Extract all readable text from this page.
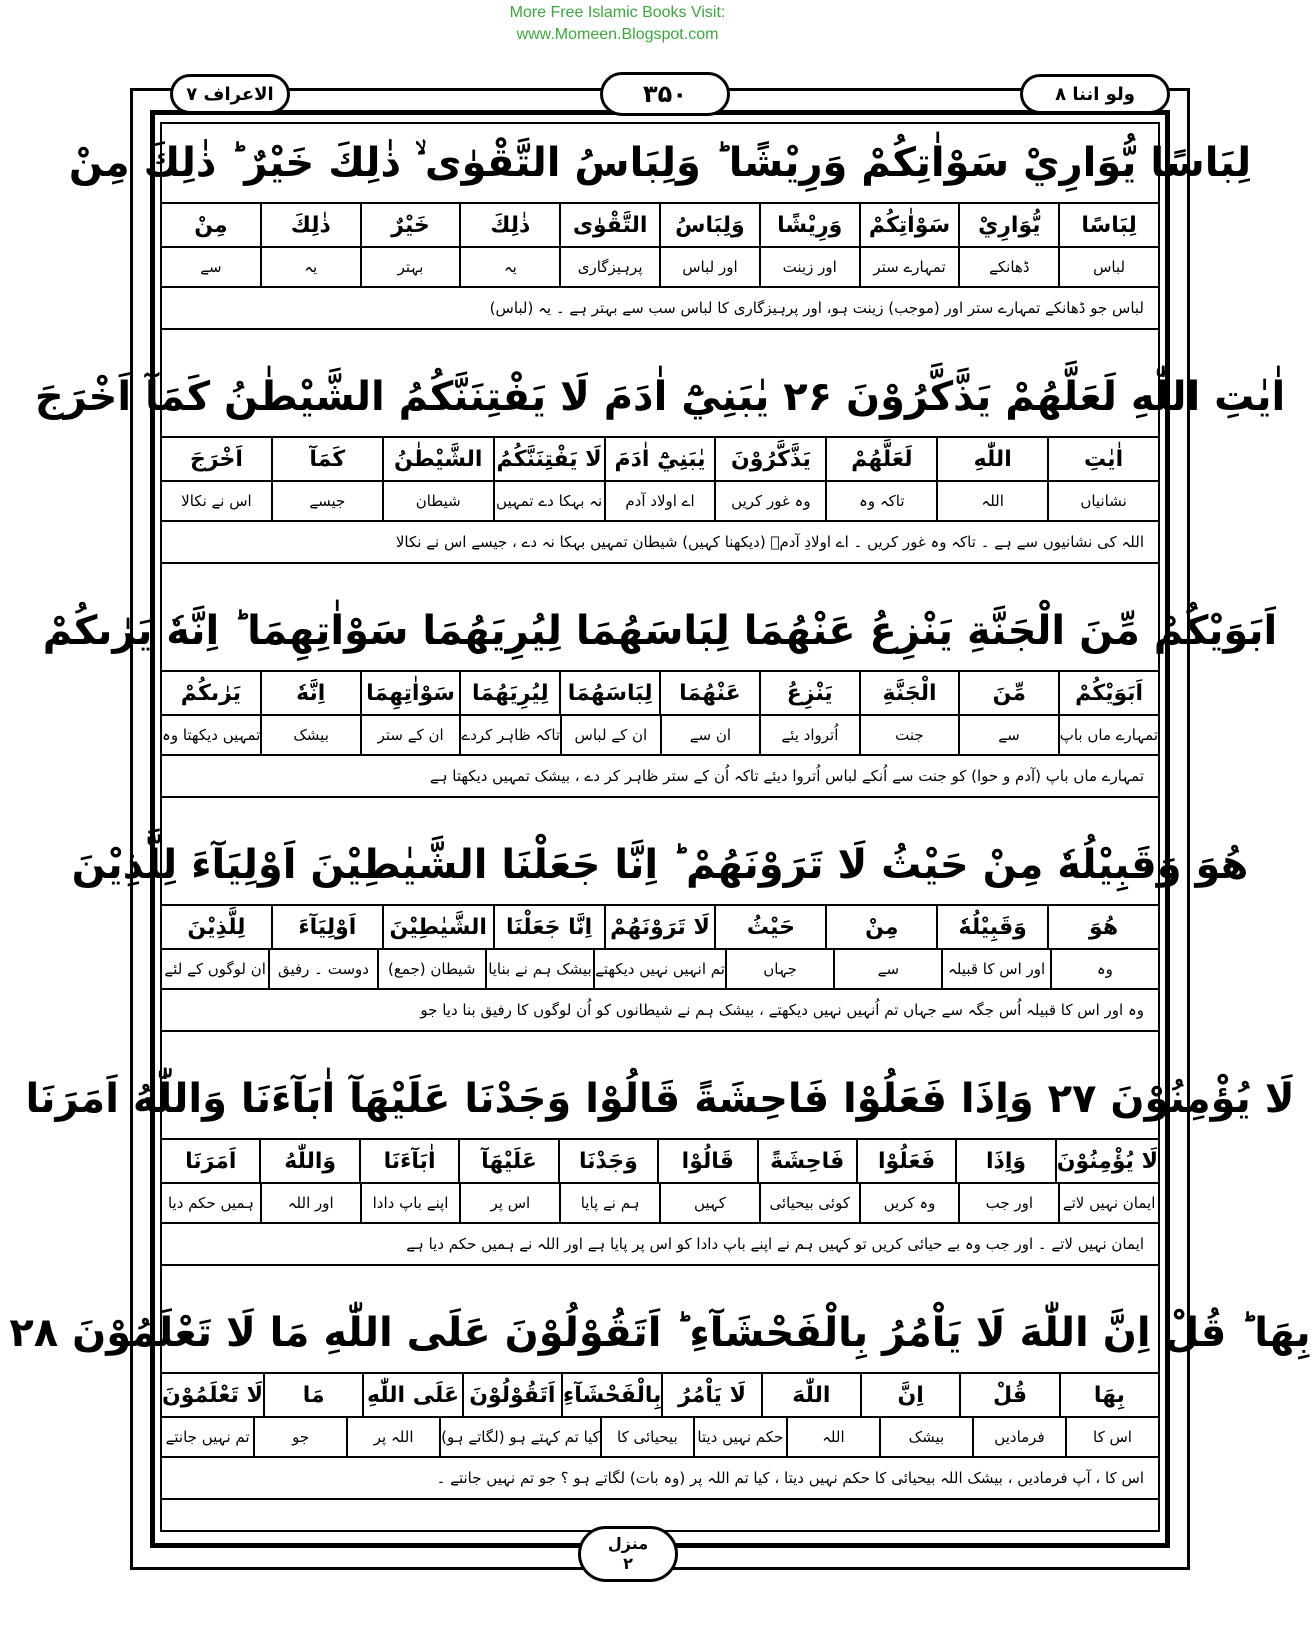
More Free Islamic Books Visit:
www.Momeen.Blogspot.com
الاعراف ۷	۳۵۰	ولو اننا ۸
لِبَاسًا يُّوَارِيْ سَوْاٰتِكُمْ وَرِيْشًا ؕ وَلِبَاسُ التَّقْوٰى ۙ ذٰلِكَ خَيْرٌ ؕ ذٰلِكَ مِنْ
لِبَاسًا
يُّوَارِيْ
سَوْاٰتِكُمْ
وَرِيْشًا
وَلِبَاسُ
التَّقْوٰى
ذٰلِكَ
خَيْرٌ
ذٰلِكَ
مِنْ
لباس
ڈھانکے
تمہارے ستر
اور زینت
اور لباس
پرہیزگاری
یہ
بہتر
یہ
سے
لباس جو ڈھانکے تمہارے ستر اور (موجب) زینت ہو، اور پرہیزگاری کا لباس سب سے بہتر ہے ۔ یہ (لباس)
اٰيٰتِ اللّٰهِ لَعَلَّهُمْ يَذَّكَّرُوْنَ ۲۶ يٰبَنِيْٓ اٰدَمَ لَا يَفْتِنَنَّكُمُ الشَّيْطٰنُ كَمَآ اَخْرَجَ
اٰيٰتِ
اللّٰهِ
لَعَلَّهُمْ
يَذَّكَّرُوْنَ
يٰبَنِيْٓ اٰدَمَ
لَا يَفْتِنَنَّكُمُ
الشَّيْطٰنُ
كَمَآ
اَخْرَجَ
نشانیاں
اللہ
تاکہ وہ
وہ غور کریں
اے اولاد آدم
نہ بہکا دے تمہیں
شیطان
جیسے
اس نے نکالا
اللہ کی نشانیوں سے ہے ۔ تاکہ وہ غور کریں ۔ اے اولادِ آدمؑ (دیکھنا کہیں) شیطان تمہیں بہکا نہ دے ، جیسے اس نے نکالا
اَبَوَيْكُمْ مِّنَ الْجَنَّةِ يَنْزِعُ عَنْهُمَا لِبَاسَهُمَا لِيُرِيَهُمَا سَوْاٰتِهِمَا ؕ اِنَّهٗ يَرٰىكُمْ
اَبَوَيْكُمْ
مِّنَ
الْجَنَّةِ
يَنْزِعُ
عَنْهُمَا
لِبَاسَهُمَا
لِيُرِيَهُمَا
سَوْاٰتِهِمَا
اِنَّهٗ
يَرٰىكُمْ
تمہارے ماں باپ
سے
جنت
اُترواد یئے
ان سے
ان کے لباس
تاکہ ظاہر کردے
ان کے ستر
بیشک
تمہیں دیکھتا وہ
تمہارے ماں باپ (آدم و حوا) کو جنت سے اُنکے لباس اُتروا دیئے تاکہ اُن کے ستر ظاہر کر دے ، بیشک تمہیں دیکھتا ہے
هُوَ وَقَبِيْلُهٗ مِنْ حَيْثُ لَا تَرَوْنَهُمْ ؕ اِنَّا جَعَلْنَا الشَّيٰطِيْنَ اَوْلِيَآءَ لِلَّذِيْنَ
هُوَ
وَقَبِيْلُهٗ
مِنْ
حَيْثُ
لَا تَرَوْنَهُمْ
اِنَّا جَعَلْنَا
الشَّيٰطِيْنَ
اَوْلِيَآءَ
لِلَّذِيْنَ
وہ
اور اس کا قبیلہ
سے
جہاں
تم انہیں نہیں دیکھتے
بیشک ہم نے بنایا
شیطان (جمع)
دوست ۔ رفیق
ان لوگوں کے لئے
وہ اور اس کا قبیلہ اُس جگہ سے جہاں تم اُنہیں نہیں دیکھتے ، بیشک ہم نے شیطانوں کو اُن لوگوں کا رفیق بنا دیا جو
لَا يُؤْمِنُوْنَ ۲۷ وَاِذَا فَعَلُوْا فَاحِشَةً قَالُوْا وَجَدْنَا عَلَيْهَآ اٰبَآءَنَا وَاللّٰهُ اَمَرَنَا
لَا يُؤْمِنُوْنَ
وَاِذَا
فَعَلُوْا
فَاحِشَةً
قَالُوْا
وَجَدْنَا
عَلَيْهَآ
اٰبَآءَنَا
وَاللّٰهُ
اَمَرَنَا
ایمان نہیں لاتے
اور جب
وہ کریں
کوئی بیحیائی
کہیں
ہم نے پایا
اس پر
اپنے باپ دادا
اور اللہ
ہمیں حکم دیا
ایمان نہیں لاتے ۔ اور جب وہ بے حیائی کریں تو کہیں ہم نے اپنے باپ دادا کو اس پر پایا ہے اور اللہ نے ہمیں حکم دیا ہے
بِهَا ؕ قُلْ اِنَّ اللّٰهَ لَا يَاْمُرُ بِالْفَحْشَآءِ ؕ اَتَقُوْلُوْنَ عَلَى اللّٰهِ مَا لَا تَعْلَمُوْنَ ۲۸
بِهَا
قُلْ
اِنَّ
اللّٰهَ
لَا يَاْمُرُ
بِالْفَحْشَآءِ
اَتَقُوْلُوْنَ
عَلَى اللّٰهِ
مَا
لَا تَعْلَمُوْنَ
اس کا
فرمادیں
بیشک
اللہ
حکم نہیں دیتا
بیحیائی کا
کیا تم کہتے ہو (لگاتے ہو)
اللہ پر
جو
تم نہیں جانتے
اس کا ، آپ فرمادیں ، بیشک اللہ بیحیائی کا حکم نہیں دیتا ، کیا تم اللہ پر (وہ بات) لگاتے ہو ؟ جو تم نہیں جانتے ۔
منزل
۲
